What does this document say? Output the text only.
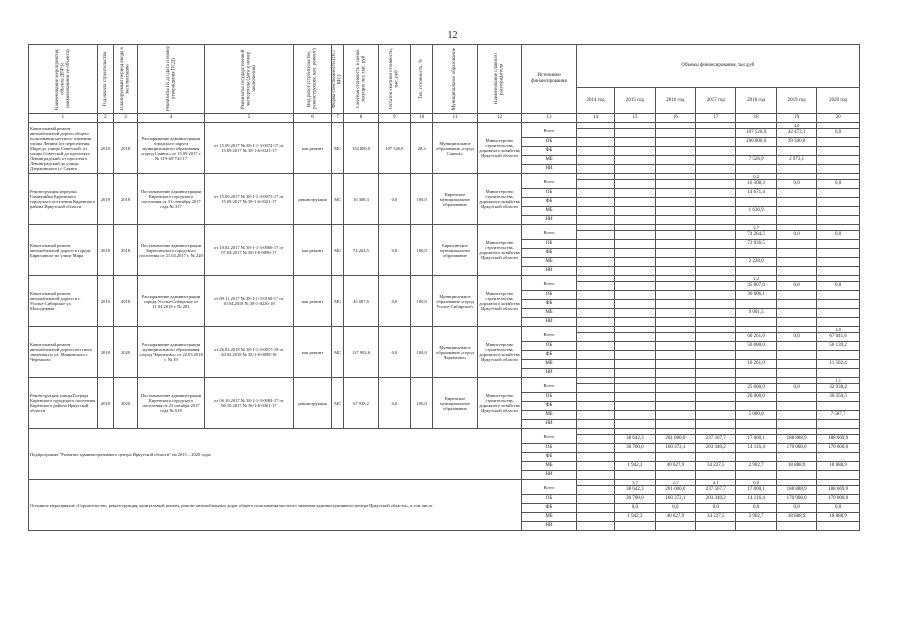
12
Наименование мероприятия, объекта ДПР (с наименованием ее объекта)	Год начала строительства	Планируемый период ввода в эксплуатацию	Реквизиты ПСД (Дата и номер утверждения ПСД)	Реквизиты государственной экспертизы (дата и номер заключения)	Вид работ (строительство, реконструкция, кап. ремонт)	Форма собственности (ОС/МС)	Сметная стоимость в ценах текущих лет, тыс. руб	Остаток сметной стоимости, тыс. руб	Тех. готовность, %	Муниципальное образование	Наименование главного распорядителя	Источники финансирования	Объемы финансирования, тыс.руб						
													2014 год	2015 год	2016 год	2017 год	2018 год	2019 год	2020 год
1	2	3	4	5	6	7	8	9	10	11	12	13	14	15	16	17	18	19	20
Капитальный ремонт автомобильной дороги общего пользования местного значения улицы Ленина (от пересечения Мира до улицы Советской, от улицы Советской до проспекта Ленинградский, от проспекта Ленинградский до улицы Дзержинского) г. Саянск	2018	2018	Распоряжение администрации городского округа муниципального образования «город Саянск» от 15.09.2017 г. № 119-40-741-17	от 15.09.2017 № 38-1-1-3-0074-17 от 15.09.2017 № 38-1-6-0323-17	кап.ремонт	МС	154 800,0	107 526,9	28,3	Муниципальное образование «город Саянск»	Министерство строительства, дорожного хозяйства Иркутской области	Всего						4,0	
																	107 526,9	42 473,1	0,0
												ОБ					100 000,0	39 500,0	
												ФБ							
												МБ					7 526,9	2 973,1	
												НИ							
Реконструкция переулка Гимназийка Киренского городского поселения Киренского района Иркутской области	2018	2018	Постановление администрации Киренского городского поселения от 31 сентября 2017 года № 317	от 15.09.2017 № 38-1-1-3-0075-17 от 15.09.2017 № 38-1-6-0321-17	реконструкция	МС	16 308,3	0,0	100,0	Киренское муниципальное образование	Министерство строительства, дорожного хозяйства Иркутской области	Всего					0,2		
																	16 308,3	0,0	0,0
												ОБ					14 671,4		
												ФБ							
												МБ					1 636,9		
												НИ							
Капитальный ремонт автомобильной дороги в городе Бирюсинске по улице Мира	2018	2018	Постановление администрации Бирюсинского городского поселения от 21.04.2017 г. № 220	от 10.02.2017 № 38-1-1-3-0006-17 от 07.04.2017 № 38-1-6-0096-17	кап.ремонт	МС	74 264,5	0,0	100,0	Бирюсинское муниципальное образование	Министерство строительства, дорожного хозяйства Иркутской области	Всего					2,7		
																	74 264,5	0,0	0,0
												ОБ					72 036,5		
												ФБ							
												МБ					2 228,0		
												НИ							
Капитальный ремонт автомобильной дороги в г. Усолье-Сибирское ул. Молодежная	2019	2018	Распоряжение администрации города Усолье-Сибирское от 11.04.2018 г. № 283	от 09.11.2017 № 38-1-1-3-0160-17 от 10.04.2018 № 38-1-0226-18	кап.ремонт	МС	45 007,6	0,0	100,0	Муниципальное образование «город Усолье-Сибирское»	Министерство строительства, дорожного хозяйства Иркутской области	Всего					2,2		
																	45 007,6	0,0	0,0
												ОБ					36 006,1		
												ФБ							
												МБ					9 001,5		
												НИ							
Капитальный ремонт автомобильной дороги местного значения по ул. Маяковского г. Черемхово	2018	2020	Распоряжение администрации муниципального образования «город Черемхово» от 22.03.2018 г. № 39	от 26.02.2018 № 38-1-1-3-0017-18 от 20.02.2018 № 38-1-6-0098-18	кап.ремонт	МС	127 902,6	0,0	100,0	Муниципальное образование «город Черемхово»	Министерство строительства, дорожного хозяйства Иркутской области	Всего							4,0
																	60 261,0	0,0	67 641,6
												ОБ					50 000,0		56 139,2
												ФБ							
												МБ					10 261,0		11 502,4
												НИ							
Реконструкция улицы Бограда Киренского городского поселения Киренского района Иркутской области	2018	2020	Постановление администрации Киренского городского поселения от 23 октября 2017 года № 618	от 06.10.2017 № 38-1-1-3-0084-17 от 06.10.2017 № 38-1-6-0361-17	реконструкция	МС	67 938,2	0,0	100,0	Киренское муниципальное образование	Министерство строительства, дорожного хозяйства Иркутской области	Всего							1,1
																	25 000,0	0,0	32 938,2
												ОБ					20 000,0		30 350,5
												ФБ							
												МБ					5 000,0		7 587,7
												НИ							
Подпрограмма "Развитие административного центра Иркутской области" на 2015 – 2020 годы												Всего							
														38 642,3	201 000,0	237 567,7	17 000,1	188 888,9	188 669,9
												ОБ		36 700,0	160 372,1	203 340,2	14 116,4	170 000,0	170 000,0
												ФБ							
												МБ		1 942,3	40 627,9	34 227,5	2 902,7	18 888,9	18 888,9
												НИ							
Основное мероприятие «Строительство, реконструкция, капитальный ремонт, ремонт автомобильных дорог общего пользования местного значения административного центра Иркутской области», в том числе												Всего		3,7	2,1	2,1	0,0		
														38 642,3	201 000,0	237 567,7	17 000,1	188 888,9	188 669,9
												ОБ		36 700,0	160 372,1	203 340,2	14 116,4	170 000,0	170 000,0
												ФБ		0,0	0,0	0,0	0,0	0,0	0,0
												МБ		1 942,3	40 627,9	34 227,5	2 902,7	18 888,9	18 888,9
												НИ							
